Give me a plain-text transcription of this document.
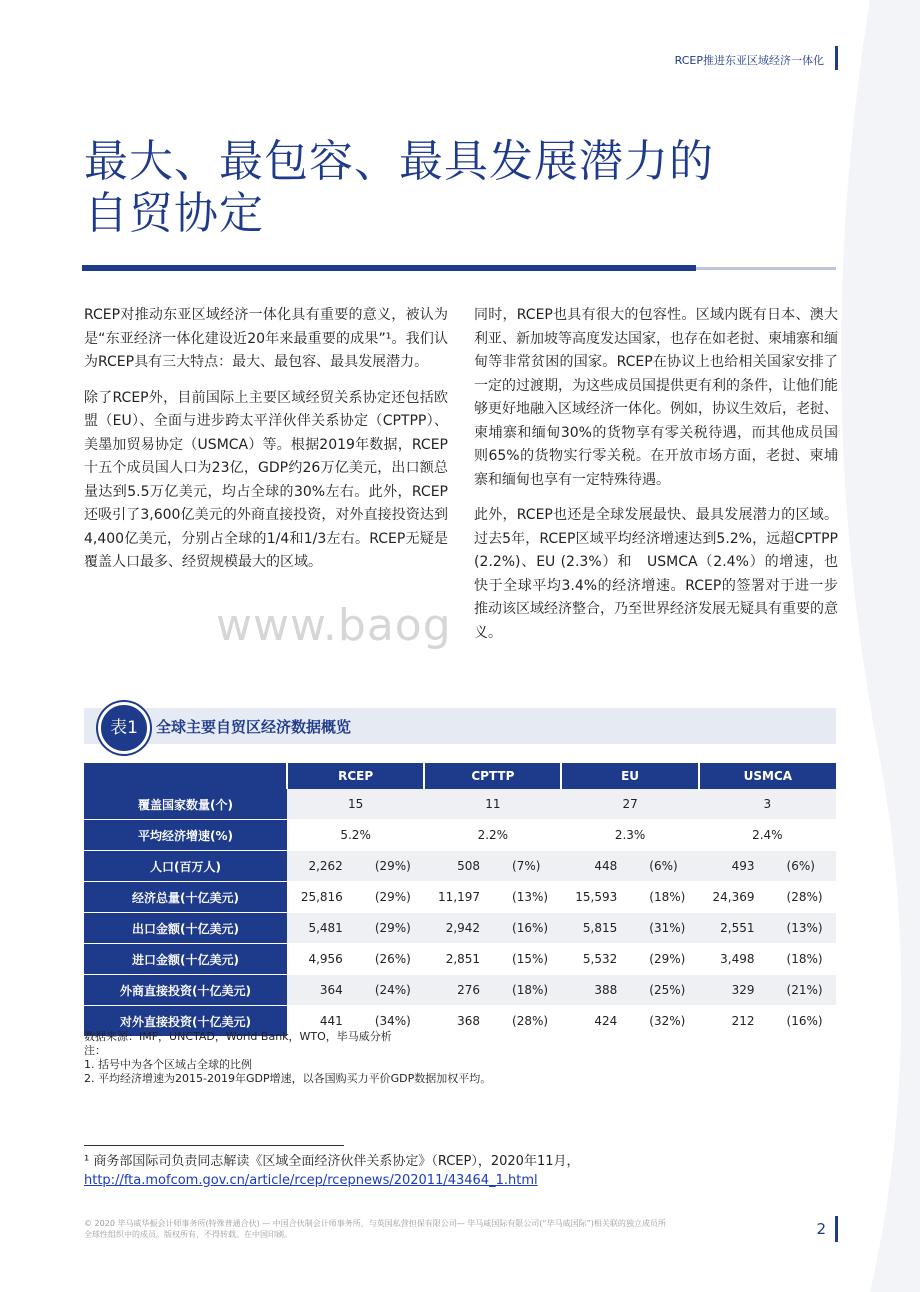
RCEP推进东亚区域经济一体化
最大、最包容、最具发展潜力的
自贸协定

RCEP对推动东亚区域经济一体化具有重要的意义，被认为是“东亚经济一体化建设近20年来最重要的成果”¹。我们认为RCEP具有三大特点：最大、最包容、最具发展潜力。

除了RCEP外，目前国际上主要区域经贸关系协定还包括欧盟（EU）、全面与进步跨太平洋伙伴关系协定（CPTPP）、美墨加贸易协定（USMCA）等。根据2019年数据，RCEP十五个成员国人口为23亿，GDP约26万亿美元，出口额总量达到5.5万亿美元，均占全球的30%左右。此外，RCEP还吸引了3,600亿美元的外商直接投资，对外直接投资达到4,400亿美元，分别占全球的1/4和1/3左右。RCEP无疑是覆盖人口最多、经贸规模最大的区域。

同时，RCEP也具有很大的包容性。区域内既有日本、澳大利亚、新加坡等高度发达国家，也存在如老挝、柬埔寨和缅甸等非常贫困的国家。RCEP在协议上也给相关国家安排了一定的过渡期，为这些成员国提供更有利的条件，让他们能够更好地融入区域经济一体化。例如，协议生效后，老挝、柬埔寨和缅甸30%的货物享有零关税待遇，而其他成员国则65%的货物实行零关税。在开放市场方面，老挝、柬埔寨和缅甸也享有一定特殊待遇。

此外，RCEP也还是全球发展最快、最具发展潜力的区域。过去5年，RCEP区域平均经济增速达到5.2%，远超CPTPP (2.2%)、EU (2.3%）和　USMCA（2.4%）的增速，也快于全球平均3.4%的经济增速。RCEP的签署对于进一步推动该区域经济整合，乃至世界经济发展无疑具有重要的意义。

www.baog
表1	全球主要自贸区经济数据概览
	RCEP		CPTTP		EU		USMCA	
覆盖国家数量(个)	15		11		27		3	
平均经济增速(%)	5.2%		2.2%		2.3%		2.4%	
人口(百万人)	2,262	(29%)	508	(7%)	448	(6%)	493	(6%)
经济总量(十亿美元)	25,816	(29%)	11,197	(13%)	15,593	(18%)	24,369	(28%)
出口金额(十亿美元)	5,481	(29%)	2,942	(16%)	5,815	(31%)	2,551	(13%)
进口金额(十亿美元)	4,956	(26%)	2,851	(15%)	5,532	(29%)	3,498	(18%)
外商直接投资(十亿美元)	364	(24%)	276	(18%)	388	(25%)	329	(21%)
对外直接投资(十亿美元)	441	(34%)	368	(28%)	424	(32%)	212	(16%)
数据来源：IMF，UNCTAD，World Bank，WTO，毕马威分析
注：
1. 括号中为各个区域占全球的比例
2. 平均经济增速为2015-2019年GDP增速，以各国购买力平价GDP数据加权平均。
¹ 商务部国际司负责同志解读《区域全面经济伙伴关系协定》（RCEP），2020年11月，
http://fta.mofcom.gov.cn/article/rcep/rcepnews/202011/43464_1.html
© 2020 毕马威华振会计师事务所(特殊普通合伙) — 中国合伙制会计师事务所，与英国私营担保有限公司— 毕马威国际有限公司(“毕马威国际”)相关联的独立成员所
全球性组织中的成员。版权所有，不得转载。在中国印刷。	2
